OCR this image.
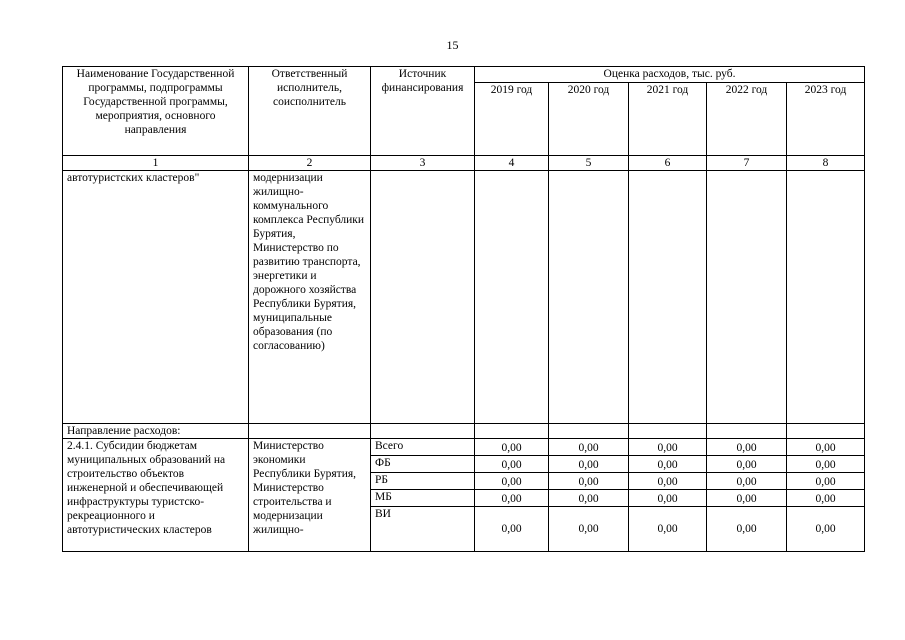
15
Наименование Государственной программы, подпрограммы Государственной программы, мероприятия, основного направления	Ответственный исполнитель, соисполнитель	Источник финансирования	Оценка расходов, тыс. руб.				
			2019 год	2020 год	2021 год	2022 год	2023 год
1	2	3	4	5	6	7	8
автотуристских кластеров"	модернизации жилищно-коммунального комплекса Республики Бурятия, Министерство по развитию транспорта, энергетики и дорожного хозяйства Республики Бурятия, муниципальные образования (по согласованию)						
Направление расходов:							
2.4.1. Субсидии бюджетам муниципальных образований на строительство объектов инженерной и обеспечивающей инфраструктуры туристско-рекреационного и автотуристических кластеров	Министерство экономики Республики Бурятия, Министерство строительства и модернизации жилищно-	Всего	0,00	0,00	0,00	0,00	0,00
		ФБ	0,00	0,00	0,00	0,00	0,00
		РБ	0,00	0,00	0,00	0,00	0,00
		МБ	0,00	0,00	0,00	0,00	0,00
		ВИ	0,00	0,00	0,00	0,00	0,00
